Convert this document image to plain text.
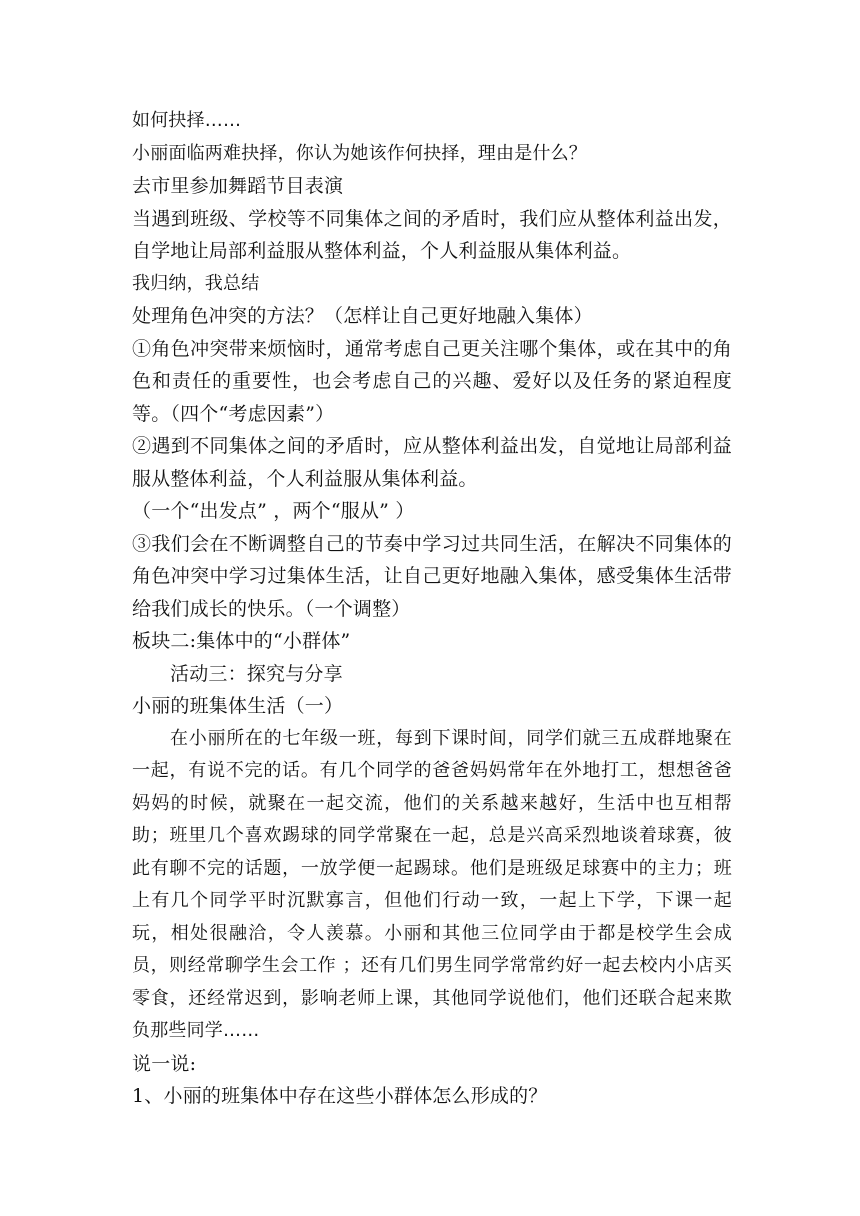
如何抉择……

小丽面临两难抉择，你认为她该作何抉择，理由是什么？

去市里参加舞蹈节目表演

当遇到班级、学校等不同集体之间的矛盾时，我们应从整体利益出发，自学地让局部利益服从整体利益，个人利益服从集体利益。

我归纳，我总结

处理角色冲突的方法？（怎样让自己更好地融入集体）

①角色冲突带来烦恼时，通常考虑自己更关注哪个集体，或在其中的角色和责任的重要性，也会考虑自己的兴趣、爱好以及任务的紧迫程度等。（四个“考虑因素”）

②遇到不同集体之间的矛盾时，应从整体利益出发，自觉地让局部利益服从整体利益，个人利益服从集体利益。

（一个“出发点” ，两个“服从” ）

③我们会在不断调整自己的节奏中学习过共同生活，在解决不同集体的角色冲突中学习过集体生活，让自己更好地融入集体，感受集体生活带给我们成长的快乐。（一个调整）

板块二:集体中的“小群体”

活动三：探究与分享

小丽的班集体生活（一）

在小丽所在的七年级一班，每到下课时间，同学们就三五成群地聚在一起，有说不完的话。有几个同学的爸爸妈妈常年在外地打工，想想爸爸妈妈的时候，就聚在一起交流，他们的关系越来越好，生活中也互相帮助；班里几个喜欢踢球的同学常聚在一起，总是兴高采烈地谈着球赛，彼此有聊不完的话题，一放学便一起踢球。他们是班级足球赛中的主力；班上有几个同学平时沉默寡言，但他们行动一致，一起上下学，下课一起玩，相处很融洽，令人羡慕。小丽和其他三位同学由于都是校学生会成员，则经常聊学生会工作 ；还有几们男生同学常常约好一起去校内小店买零食，还经常迟到，影响老师上课，其他同学说他们，他们还联合起来欺负那些同学……

说一说:

1、小丽的班集体中存在这些小群体怎么形成的？
